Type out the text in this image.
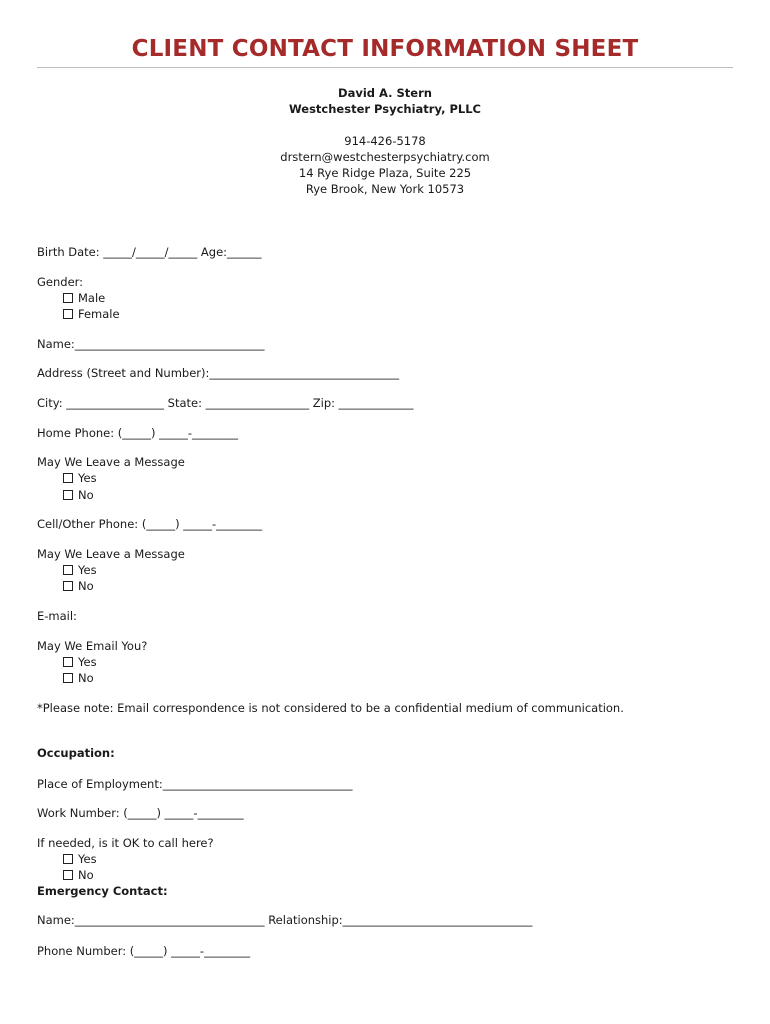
CLIENT CONTACT INFORMATION SHEET
David A. Stern
Westchester Psychiatry, PLLC
914-426-5178
drstern@westchesterpsychiatry.com
14 Rye Ridge Plaza, Suite 225
Rye Brook, New York 10573
Birth Date: _____/_____/_____ Age:______
Gender:
Male
Female
Name:_________________________________
Address (Street and Number):_________________________________
City: _________________ State: __________________ Zip: _____________
Home Phone: (_____) _____-________
May We Leave a Message
Yes
No
Cell/Other Phone: (_____) _____-________
May We Leave a Message
Yes
No
E-mail:
May We Email You?
Yes
No
*Please note: Email correspondence is not considered to be a confidential medium of communication.
Occupation:
Place of Employment:_________________________________
Work Number: (_____) _____-________
If needed, is it OK to call here?
Yes
No
Emergency Contact:
Name:_________________________________ Relationship:_________________________________
Phone Number: (_____) _____-________
